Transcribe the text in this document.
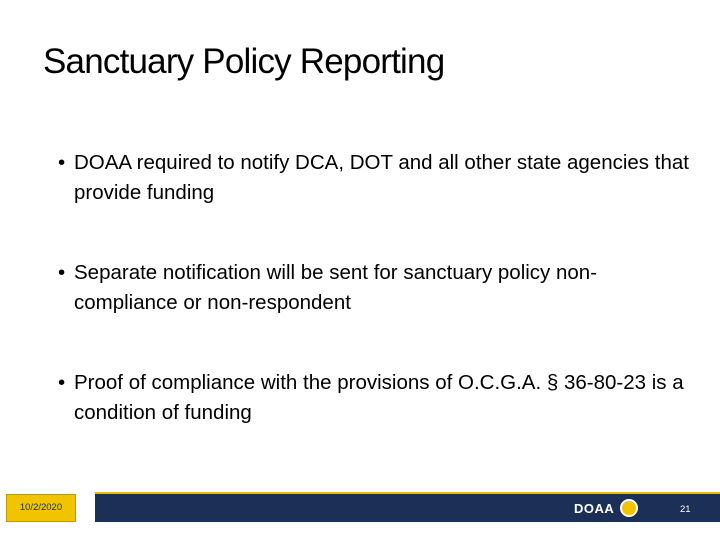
Sanctuary Policy Reporting
• DOAA required to notify DCA, DOT and all other state agencies that provide funding
• Separate notification will be sent for sanctuary policy non-compliance or non-respondent
• Proof of compliance with the provisions of O.C.G.A. § 36-80-23 is a condition of funding
10/2/2020	DOAA	21
